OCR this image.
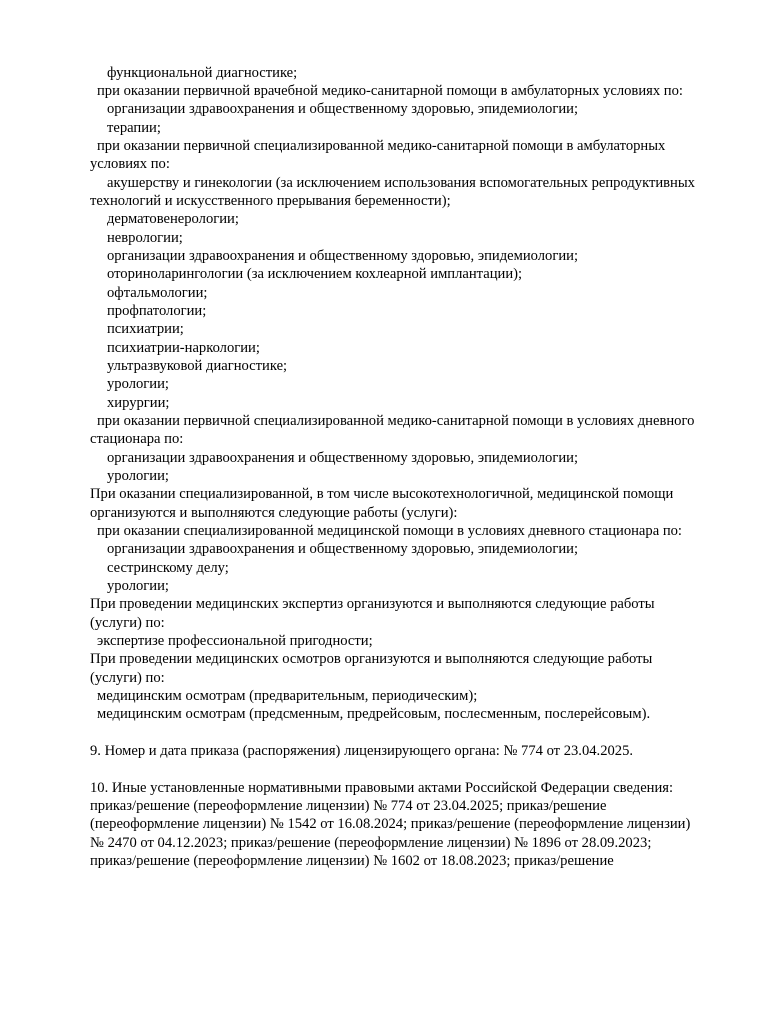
функциональной диагностике;
при оказании первичной врачебной медико-санитарной помощи в амбулаторных условиях по:
организации здравоохранения и общественному здоровью, эпидемиологии;
терапии;
при оказании первичной специализированной медико-санитарной помощи в амбулаторных
условиях по:
акушерству и гинекологии (за исключением использования вспомогательных репродуктивных
технологий и искусственного прерывания беременности);
дерматовенерологии;
неврологии;
организации здравоохранения и общественному здоровью, эпидемиологии;
оториноларингологии (за исключением кохлеарной имплантации);
офтальмологии;
профпатологии;
психиатрии;
психиатрии-наркологии;
ультразвуковой диагностике;
урологии;
хирургии;
при оказании первичной специализированной медико-санитарной помощи в условиях дневного
стационара по:
организации здравоохранения и общественному здоровью, эпидемиологии;
урологии;
При оказании специализированной, в том числе высокотехнологичной, медицинской помощи
организуются и выполняются следующие работы (услуги):
при оказании специализированной медицинской помощи в условиях дневного стационара по:
организации здравоохранения и общественному здоровью, эпидемиологии;
сестринскому делу;
урологии;
При проведении медицинских экспертиз организуются и выполняются следующие работы
(услуги) по:
экспертизе профессиональной пригодности;
При проведении медицинских осмотров организуются и выполняются следующие работы
(услуги) по:
медицинским осмотрам (предварительным, периодическим);
медицинским осмотрам (предсменным, предрейсовым, послесменным, послерейсовым).
9. Номер и дата приказа (распоряжения) лицензирующего органа: № 774 от 23.04.2025.
10. Иные установленные нормативными правовыми актами Российской Федерации сведения:
приказ/решение (переоформление лицензии) № 774 от 23.04.2025; приказ/решение
(переоформление лицензии) № 1542 от 16.08.2024; приказ/решение (переоформление лицензии)
№ 2470 от 04.12.2023; приказ/решение (переоформление лицензии) № 1896 от 28.09.2023;
приказ/решение (переоформление лицензии) № 1602 от 18.08.2023; приказ/решение
